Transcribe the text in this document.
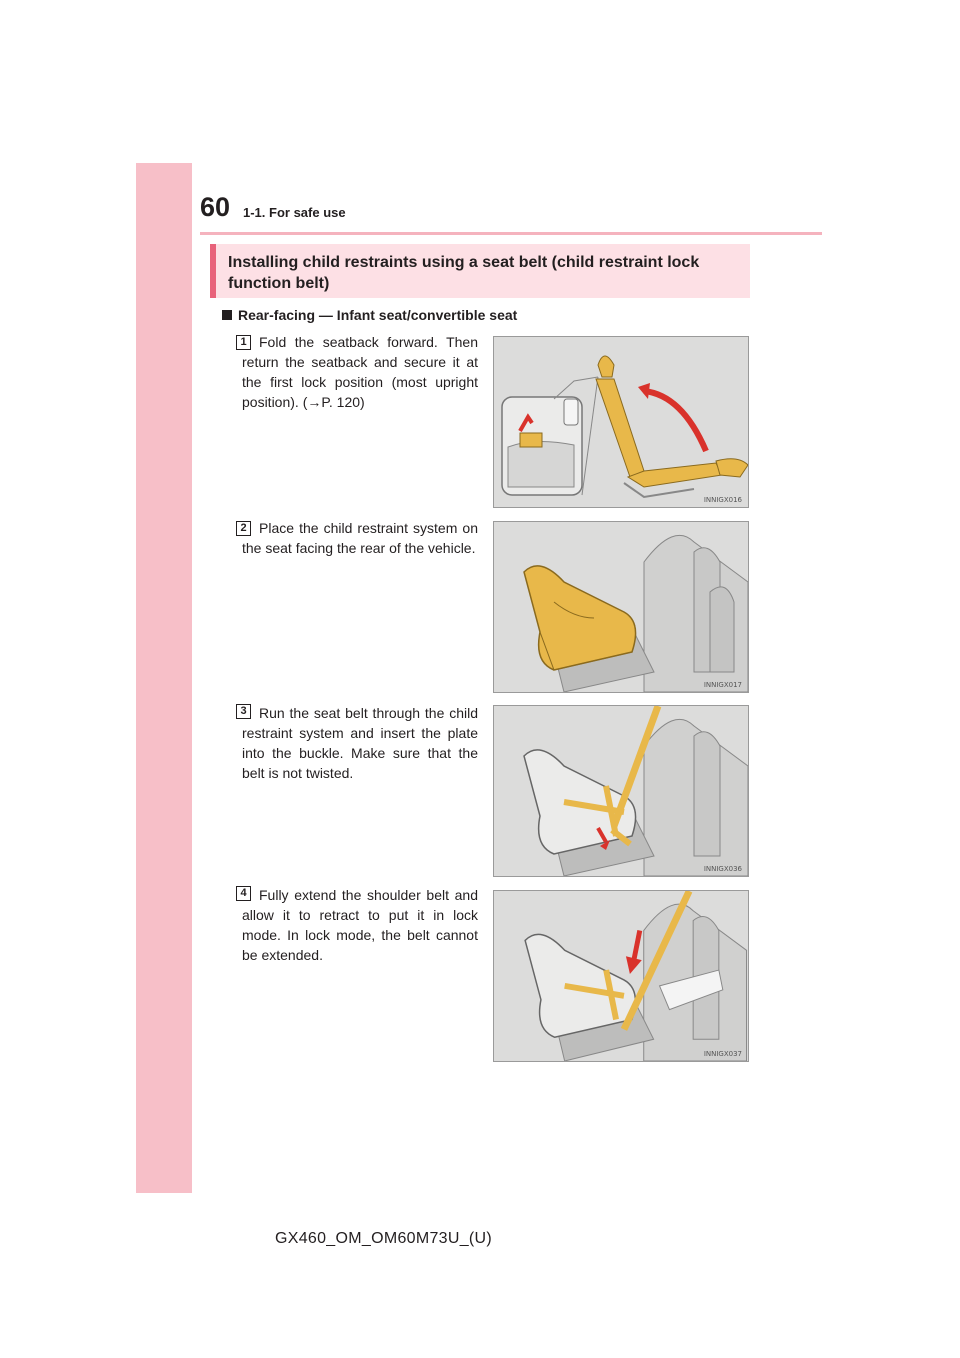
60 1-1. For safe use
Installing child restraints using a seat belt (child restraint lock function belt)
Rear-facing — Infant seat/convertible seat
1 Fold the seatback forward. Then return the seatback and secure it at the first lock position (most upright position). (→P. 120)
INNIGX016
2 Place the child restraint system on the seat facing the rear of the vehicle.
INNIGX017
3 Run the seat belt through the child restraint system and insert the plate into the buckle. Make sure that the belt is not twisted.
INNIGX036
4 Fully extend the shoulder belt and allow it to retract to put it in lock mode. In lock mode, the belt cannot be extended.
INNIGX037
GX460_OM_OM60M73U_(U)
